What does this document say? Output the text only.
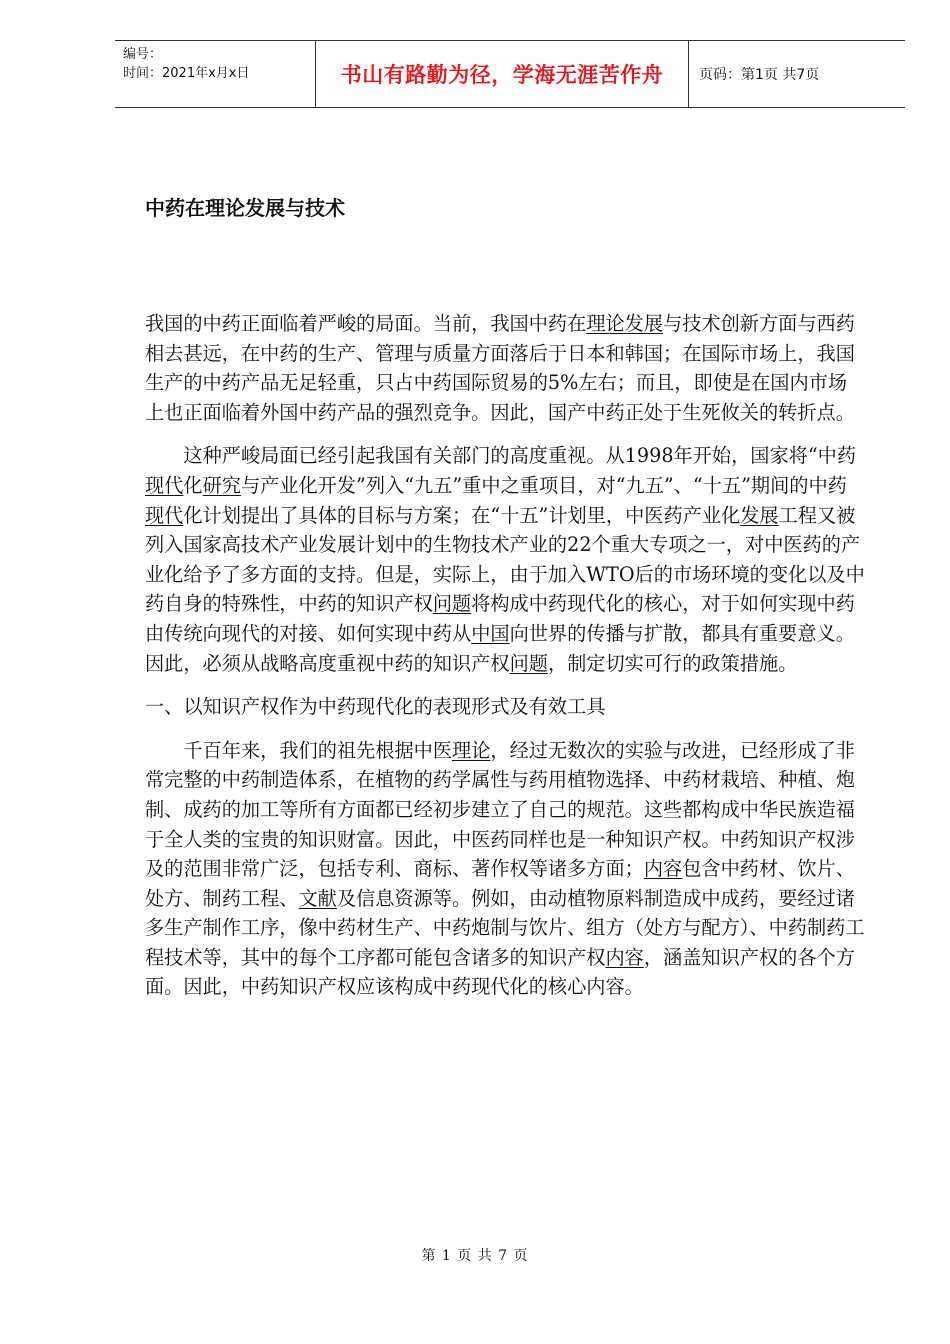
编号：
时间：2021年x月x日	书山有路勤为径，学海无涯苦作舟	页码：第1页 共7页
中药在理论发展与技术

我国的中药正面临着严峻的局面。当前，我国中药在理论发展与技术创新方面与西药相去甚远，在中药的生产、管理与质量方面落后于日本和韩国；在国际市场上，我国生产的中药产品无足轻重，只占中药国际贸易的5%左右；而且，即使是在国内市场上也正面临着外国中药产品的强烈竞争。因此，国产中药正处于生死攸关的转折点。

这种严峻局面已经引起我国有关部门的高度重视。从1998年开始，国家将“中药现代化研究与产业化开发”列入“九五”重中之重项目，对“九五”、“十五”期间的中药现代化计划提出了具体的目标与方案；在“十五”计划里，中医药产业化发展工程又被列入国家高技术产业发展计划中的生物技术产业的22个重大专项之一，对中医药的产业化给予了多方面的支持。但是，实际上，由于加入WTO后的市场环境的变化以及中药自身的特殊性，中药的知识产权问题将构成中药现代化的核心，对于如何实现中药由传统向现代的对接、如何实现中药从中国向世界的传播与扩散，都具有重要意义。因此，必须从战略高度重视中药的知识产权问题，制定切实可行的政策措施。

一、以知识产权作为中药现代化的表现形式及有效工具

千百年来，我们的祖先根据中医理论，经过无数次的实验与改进，已经形成了非常完整的中药制造体系，在植物的药学属性与药用植物选择、中药材栽培、种植、炮制、成药的加工等所有方面都已经初步建立了自己的规范。这些都构成中华民族造福于全人类的宝贵的知识财富。因此，中医药同样也是一种知识产权。中药知识产权涉及的范围非常广泛，包括专利、商标、著作权等诸多方面；内容包含中药材、饮片、处方、制药工程、文献及信息资源等。例如，由动植物原料制造成中成药，要经过诸多生产制作工序，像中药材生产、中药炮制与饮片、组方（处方与配方）、中药制药工程技术等，其中的每个工序都可能包含诸多的知识产权内容，涵盖知识产权的各个方面。因此，中药知识产权应该构成中药现代化的核心内容。

第 1 页 共 7 页
